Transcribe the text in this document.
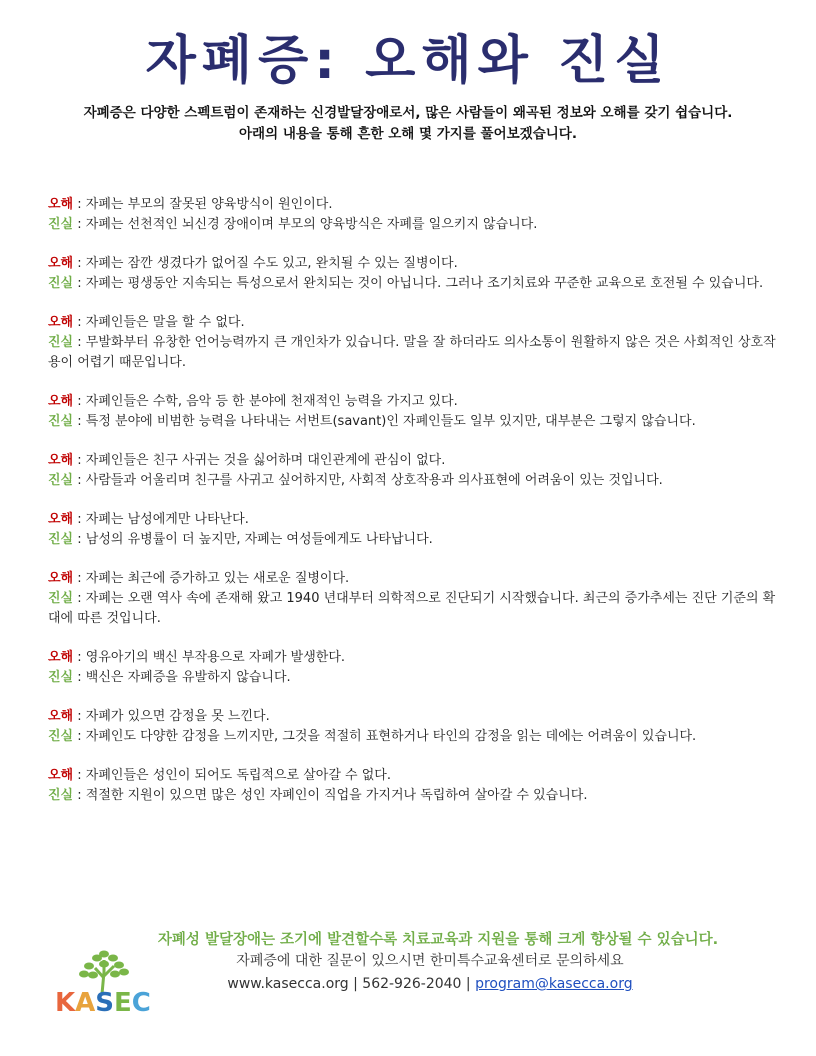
자폐증: 오해와 진실

자폐증은 다양한 스펙트럼이 존재하는 신경발달장애로서, 많은 사람들이 왜곡된 정보와 오해를 갖기 쉽습니다.

아래의 내용을 통해 흔한 오해 몇 가지를 풀어보겠습니다.

오해 : 자폐는 부모의 잘못된 양육방식이 원인이다.
진실 : 자폐는 선천적인 뇌신경 장애이며 부모의 양육방식은 자폐를 일으키지 않습니다.
오해 : 자폐는 잠깐 생겼다가 없어질 수도 있고, 완치될 수 있는 질병이다.
진실 : 자폐는 평생동안 지속되는 특성으로서 완치되는 것이 아닙니다. 그러나 조기치료와 꾸준한 교육으로 호전될 수 있습니다.
오해 : 자폐인들은 말을 할 수 없다.
진실 : 무발화부터 유창한 언어능력까지 큰 개인차가 있습니다. 말을 잘 하더라도 의사소통이 원활하지 않은 것은 사회적인 상호작용이 어렵기 때문입니다.
오해 : 자폐인들은 수학, 음악 등 한 분야에 천재적인 능력을 가지고 있다.
진실 : 특정 분야에 비범한 능력을 나타내는 서번트(savant)인 자폐인들도 일부 있지만, 대부분은 그렇지 않습니다.
오해 : 자폐인들은 친구 사귀는 것을 싫어하며 대인관계에 관심이 없다.
진실 : 사람들과 어울리며 친구를 사귀고 싶어하지만, 사회적 상호작용과 의사표현에 어려움이 있는 것입니다.
오해 : 자폐는 남성에게만 나타난다.
진실 : 남성의 유병률이 더 높지만, 자폐는 여성들에게도 나타납니다.
오해 : 자폐는 최근에 증가하고 있는 새로운 질병이다.
진실 : 자폐는 오랜 역사 속에 존재해 왔고 1940 년대부터 의학적으로 진단되기 시작했습니다. 최근의 증가추세는 진단 기준의 확대에 따른 것입니다.
오해 : 영유아기의 백신 부작용으로 자폐가 발생한다.
진실 : 백신은 자폐증을 유발하지 않습니다.
오해 : 자폐가 있으면 감정을 못 느낀다.
진실 : 자폐인도 다양한 감정을 느끼지만, 그것을 적절히 표현하거나 타인의 감정을 읽는 데에는 어려움이 있습니다.
오해 : 자폐인들은 성인이 되어도 독립적으로 살아갈 수 없다.
진실 : 적절한 지원이 있으면 많은 성인 자폐인이 직업을 가지거나 독립하여 살아갈 수 있습니다.
자폐성 발달장애는 조기에 발견할수록 치료교육과 지원을 통해 크게 향상될 수 있습니다.
자폐증에 대한 질문이 있으시면 한미특수교육센터로 문의하세요
www.kasecca.org | 562-926-2040 | program@kasecca.org
KASEC
